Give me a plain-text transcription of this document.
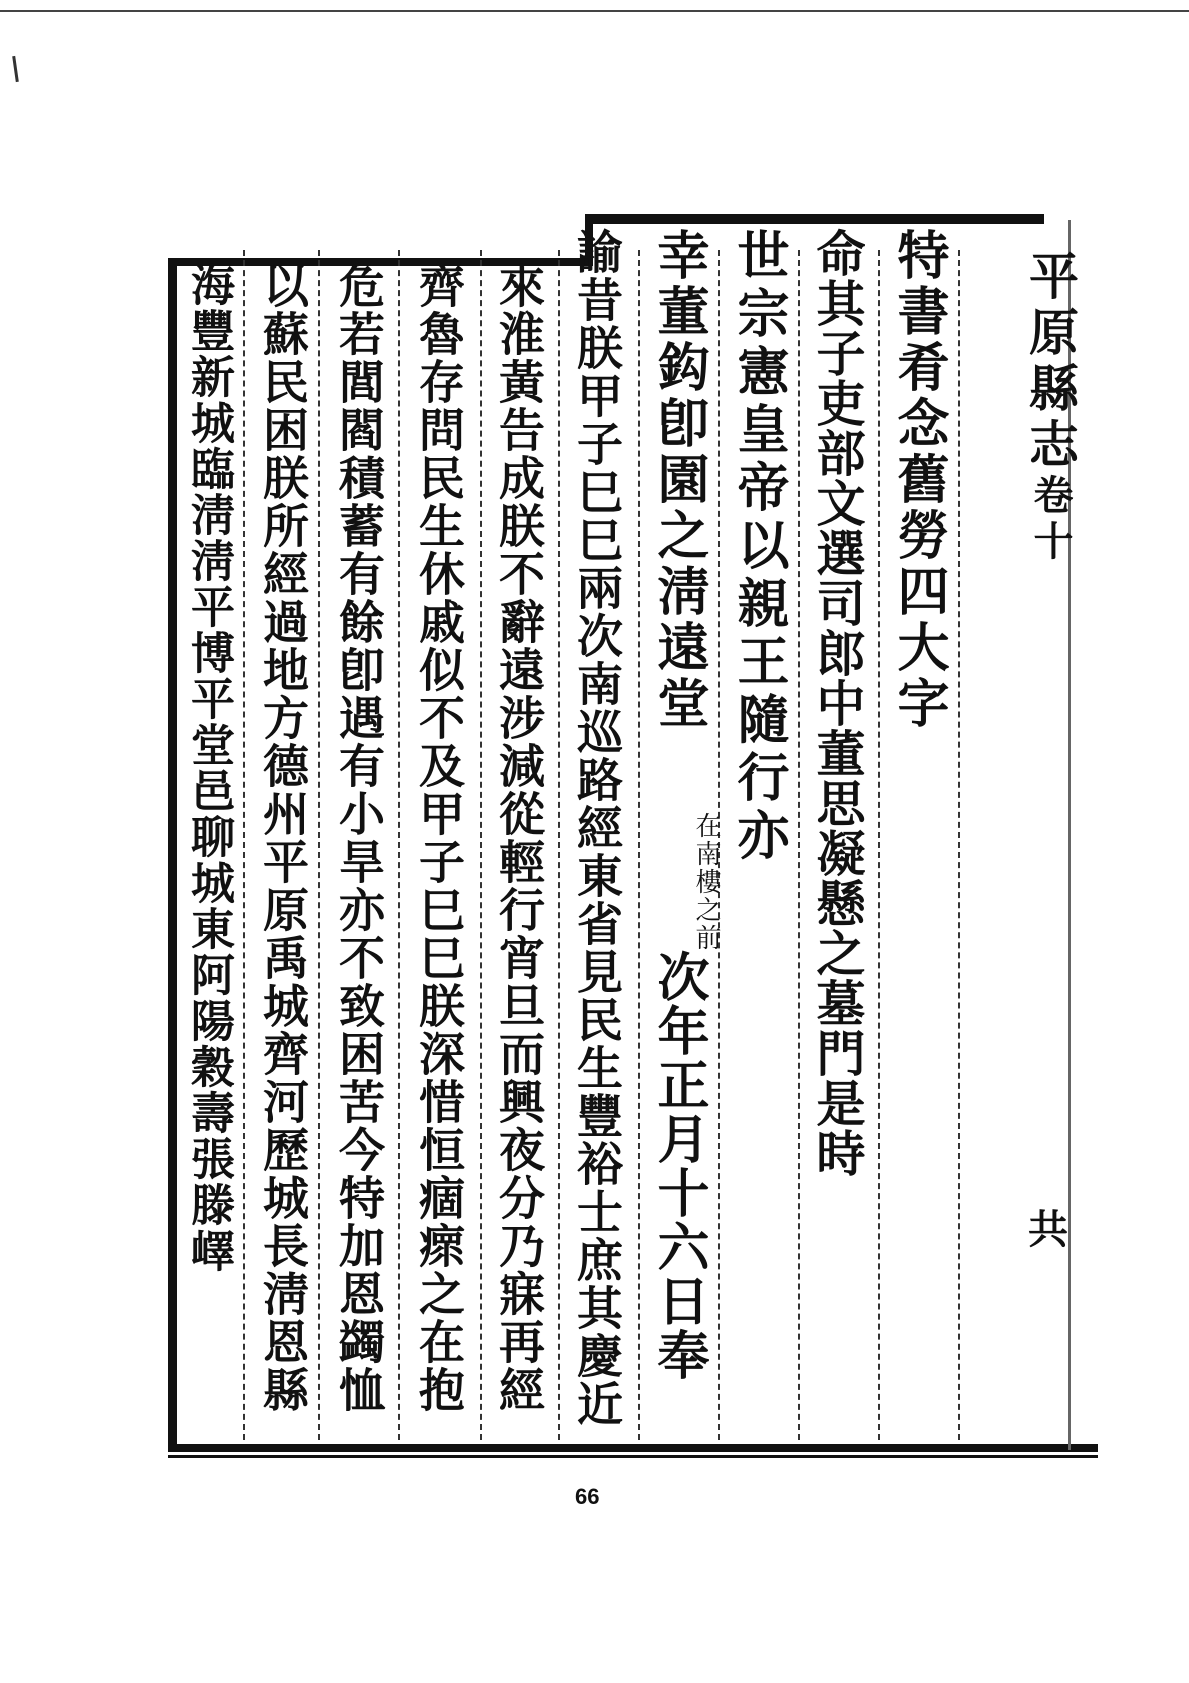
平原縣志卷十
共
特書肴念舊勞四大字
命其子吏部文選司郎中董思凝懸之墓門是時
世宗憲皇帝以親王隨行亦
幸董鈎卽園之淸遠堂
在南樓之前
次年正月十六日奉
諭昔朕甲子巳巳兩次南巡路經東省見民生豐裕士庶其慶近
來淮黃告成朕不辭遠涉減從輕行宵旦而興夜分乃寐再經
齊魯存問民生休戚似不及甲子巳巳朕深惜恒痼瘝之在抱
危若閭閻積蓄有餘卽遇有小旱亦不致困苦今特加恩蠲恤
以蘇民困朕所經過地方德州平原禹城齊河歷城長淸恩縣
海豐新城臨淸淸平博平堂邑聊城東阿陽穀壽張滕嶧
66
